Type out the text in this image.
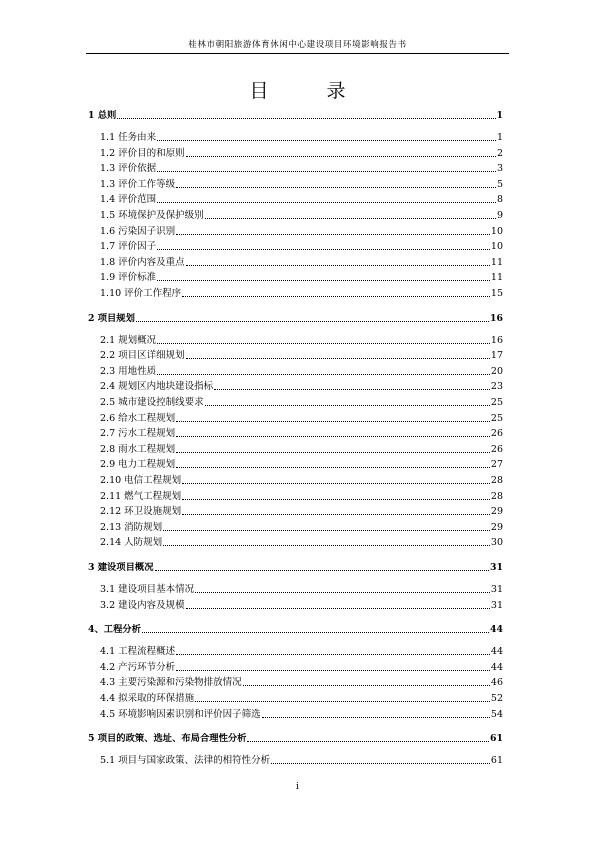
桂林市朝阳旅游体育休闲中心建设项目环境影响报告书
目 录
1 总则	1
1.1 任务由来	1
1.2 评价目的和原则	2
1.3 评价依据	3
1.3 评价工作等级	5
1.4 评价范围	8
1.5 环境保护及保护级别	9
1.6 污染因子识别	10
1.7 评价因子	10
1.8 评价内容及重点	11
1.9 评价标准	11
1.10 评价工作程序	15
2 项目规划	16
2.1 规划概况	16
2.2 项目区详细规划	17
2.3 用地性质	20
2.4 规划区内地块建设指标	23
2.5 城市建设控制线要求	25
2.6 给水工程规划	25
2.7 污水工程规划	26
2.8 雨水工程规划	26
2.9 电力工程规划	27
2.10 电信工程规划	28
2.11 燃气工程规划	28
2.12 环卫设施规划	29
2.13 消防规划	29
2.14 人防规划	30
3 建设项目概况	31
3.1 建设项目基本情况	31
3.2 建设内容及规模	31
4、工程分析	44
4.1 工程流程概述	44
4.2 产污环节分析	44
4.3 主要污染源和污染物排放情况	46
4.4 拟采取的环保措施	52
4.5 环境影响因素识别和评价因子筛选	54
5 项目的政策、选址、布局合理性分析	61
5.1 项目与国家政策、法律的相符性分析	61
i
